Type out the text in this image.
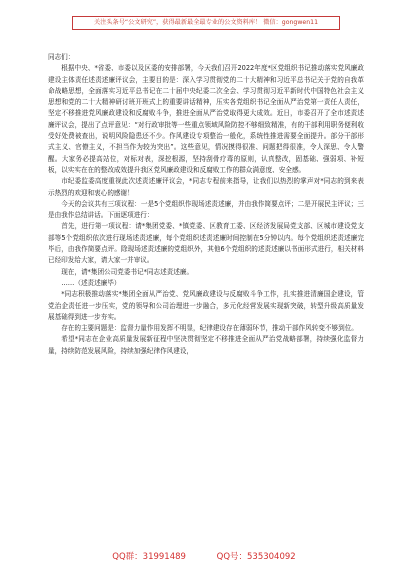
关注头条号“公文研究”，获得最新最全最专业的公文资料库！ 微信：gongwen11

同志们：

根据中央、*省委、市委以及区委的安排部署，今天我们召开2022年度*区党组织书记推动落实党风廉政建设主体责任述责述廉评议会，主要目的是：深入学习贯彻党的二十大精神和习近平总书记关于党的自我革命战略思想，全面落实习近平总书记在二十届中央纪委二次全会、学习贯彻习近平新时代中国特色社会主义思想和党的二十大精神研讨班开班式上的重要讲话精神，压实各党组织书记全面从严治党第一责任人责任，坚定不移推进党风廉政建设和反腐败斗争，推进全面从严治党取得更大成效。近日，市委召开了全市述责述廉评议会，提出了点评意见：“对行政审批等一些重点领域风险防控不够细致精准，有的干部利用职务便利收受好处费被查出，说明风险隐患还不少。作风建设专项整治一般化，系统性推进需要全面提升。部分干部形式主义、官僚主义，不担当作为较为突出”。这些意见，情况摸得很准、问题把得很准，令人深思、令人警醒。大家务必提高站位，对标对表，深挖根源，坚持刮骨疗毒的原则，认真整改，固基础、强弱项、补短板，以实实在在的整改成效提升我区党风廉政建设和反腐败工作的群众满意度、安全感。

市纪委监委高度重视此次述责述廉评议会，*同志专程前来指导，让我们以热烈的掌声对*同志的到来表示热烈的欢迎和衷心的感谢！

今天的会议共有三项议程：一是5个党组织作现场述责述廉，并由我作简要点评；二是开展民主评议；三是由我作总结讲话。下面逐项进行：

首先，进行第一项议程：请*集团党委、*镇党委、区教育工委、区经济发展局党支部、区城市建设党支部等5个党组织依次进行现场述责述廉，每个党组织述责述廉时间控制在5分钟以内。每个党组织述责述廉完毕后，由我作简要点评。除现场述责述廉的党组织外，其他6个党组织的述责述廉以书面形式进行，相关材料已经印发给大家，请大家一并审议。

现在，请*集团公司党委书记*同志述责述廉。

……（述责述廉毕）

*同志积极推动落实*集团全面从严治党、党风廉政建设与反腐败斗争工作，扎实推进清廉国企建设，管党治企责任进一步压实，党的领导和公司治理进一步融合，多元化经营发展实现新突破，转型升级高质量发展基础得到进一步夯实。

存在的主要问题是：监督力量作用发挥不明显，纪律建设存在薄弱环节，推动干部作风转变不够到位。

希望*同志在企业高质量发展新征程中坚决贯彻坚定不移推进全面从严治党战略部署，持续强化监督力量，持续防范发展风险，持续加强纪律作风建设，

QQ群：31991489	QQ号：535304092
